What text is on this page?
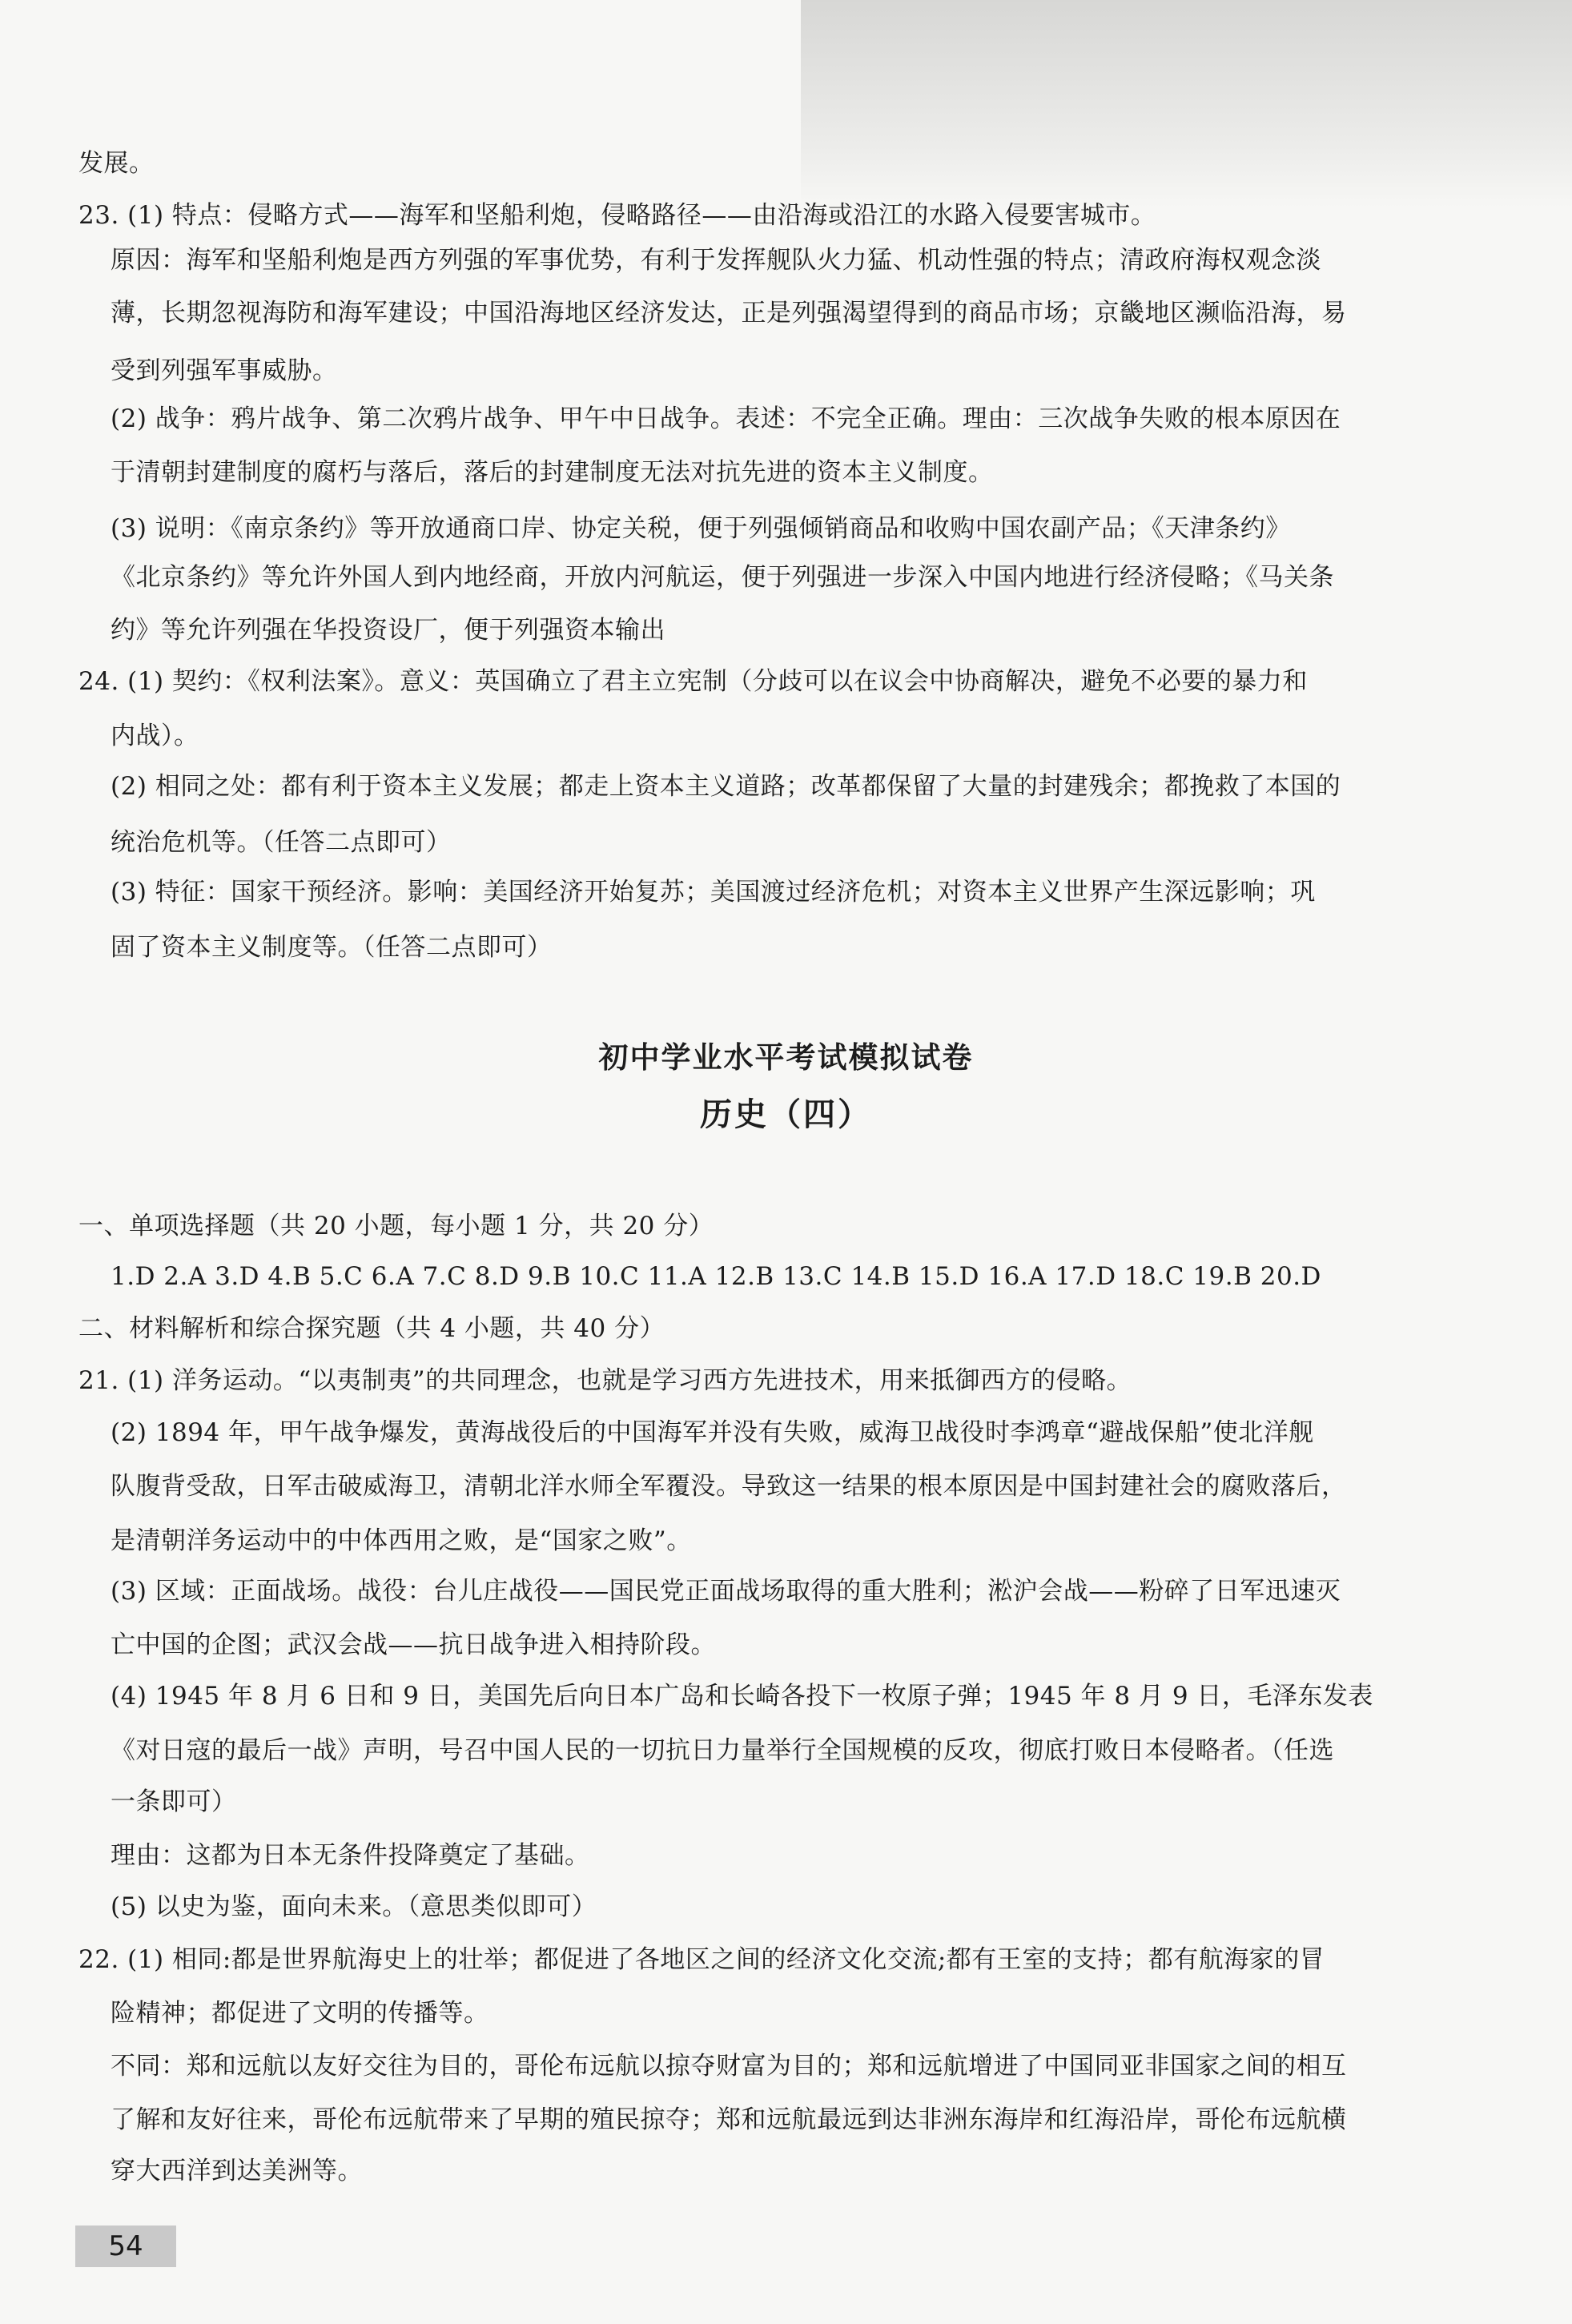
发展。
23. (1) 特点：侵略方式——海军和坚船利炮，侵略路径——由沿海或沿江的水路入侵要害城市。
原因：海军和坚船利炮是西方列强的军事优势，有利于发挥舰队火力猛、机动性强的特点；清政府海权观念淡
薄，长期忽视海防和海军建设；中国沿海地区经济发达，正是列强渴望得到的商品市场；京畿地区濒临沿海，易
受到列强军事威胁。
(2) 战争：鸦片战争、第二次鸦片战争、甲午中日战争。表述：不完全正确。理由：三次战争失败的根本原因在
于清朝封建制度的腐朽与落后，落后的封建制度无法对抗先进的资本主义制度。
(3) 说明：《南京条约》等开放通商口岸、协定关税，便于列强倾销商品和收购中国农副产品；《天津条约》
《北京条约》等允许外国人到内地经商，开放内河航运，便于列强进一步深入中国内地进行经济侵略；《马关条
约》等允许列强在华投资设厂，便于列强资本输出
24. (1) 契约：《权利法案》。意义：英国确立了君主立宪制（分歧可以在议会中协商解决，避免不必要的暴力和
内战）。
(2) 相同之处：都有利于资本主义发展；都走上资本主义道路；改革都保留了大量的封建残余；都挽救了本国的
统治危机等。（任答二点即可）
(3) 特征：国家干预经济。影响：美国经济开始复苏；美国渡过经济危机；对资本主义世界产生深远影响；巩
固了资本主义制度等。（任答二点即可）
初中学业水平考试模拟试卷
历史（四）
一、单项选择题（共 20 小题，每小题 1 分，共 20 分）
1.D 2.A 3.D 4.B 5.C 6.A 7.C 8.D 9.B 10.C 11.A 12.B 13.C 14.B 15.D 16.A 17.D 18.C 19.B 20.D
二、材料解析和综合探究题（共 4 小题，共 40 分）
21. (1) 洋务运动。“以夷制夷”的共同理念，也就是学习西方先进技术，用来抵御西方的侵略。
(2) 1894 年，甲午战争爆发，黄海战役后的中国海军并没有失败，威海卫战役时李鸿章“避战保船”使北洋舰
队腹背受敌，日军击破威海卫，清朝北洋水师全军覆没。导致这一结果的根本原因是中国封建社会的腐败落后，
是清朝洋务运动中的中体西用之败，是“国家之败”。
(3) 区域：正面战场。战役：台儿庄战役——国民党正面战场取得的重大胜利；淞沪会战——粉碎了日军迅速灭
亡中国的企图；武汉会战——抗日战争进入相持阶段。
(4) 1945 年 8 月 6 日和 9 日，美国先后向日本广岛和长崎各投下一枚原子弹；1945 年 8 月 9 日，毛泽东发表
《对日寇的最后一战》声明，号召中国人民的一切抗日力量举行全国规模的反攻，彻底打败日本侵略者。（任选
一条即可）
理由：这都为日本无条件投降奠定了基础。
(5) 以史为鉴，面向未来。（意思类似即可）
22. (1) 相同:都是世界航海史上的壮举；都促进了各地区之间的经济文化交流;都有王室的支持；都有航海家的冒
险精神；都促进了文明的传播等。
不同：郑和远航以友好交往为目的，哥伦布远航以掠夺财富为目的；郑和远航增进了中国同亚非国家之间的相互
了解和友好往来，哥伦布远航带来了早期的殖民掠夺；郑和远航最远到达非洲东海岸和红海沿岸，哥伦布远航横
穿大西洋到达美洲等。
54
